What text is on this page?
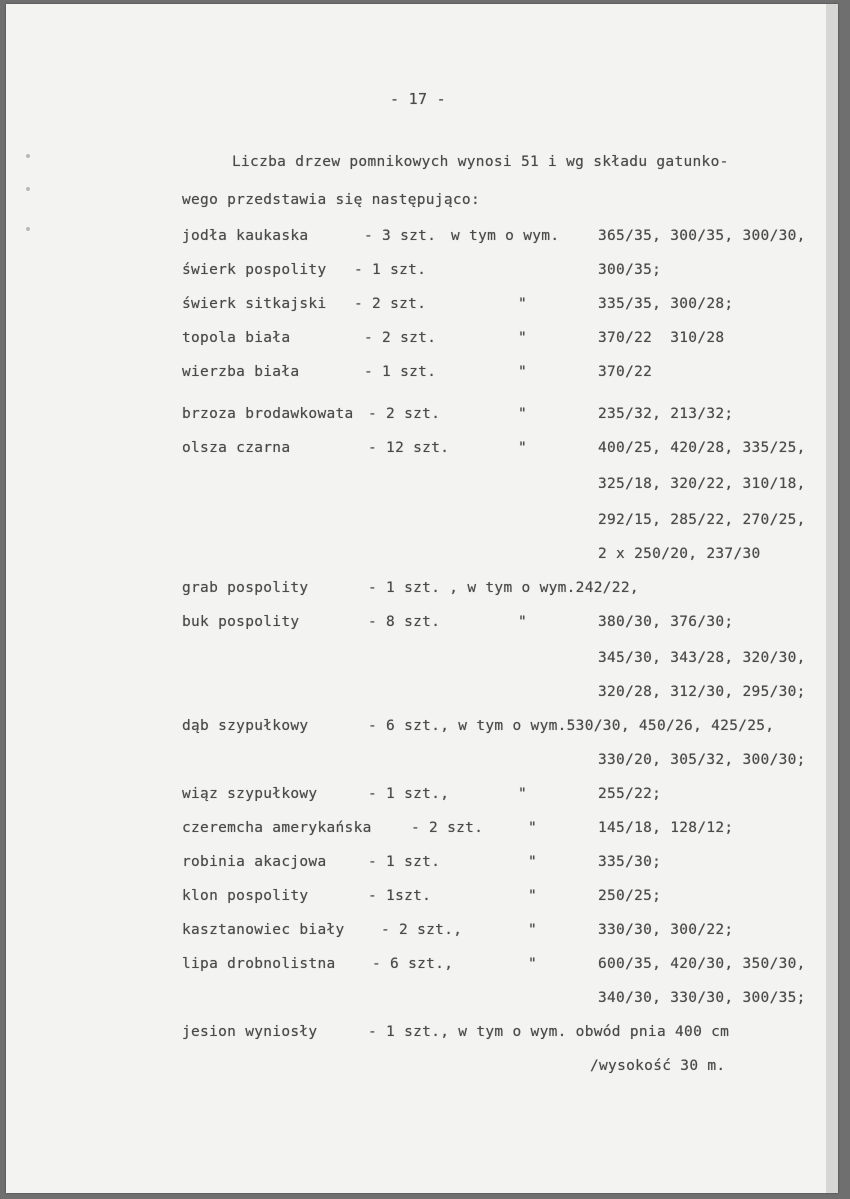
- 17 -
Liczba drzew pomnikowych wynosi 51 i wg składu gatunko-
wego przedstawia się następująco:
jodła kaukaska	- 3 szt. w tym o wym.	365/35, 300/35, 300/30,
świerk pospolity - 1 szt.	300/35;
świerk sitkajski - 2 szt.	"	335/35, 300/28;
topola biała	- 2 szt.	"	370/22  310/28
wierzba biała	- 1 szt.	"	370/22
brzoza brodawkowata - 2 szt.	"	235/32, 213/32;
olsza czarna	- 12 szt.	"	400/25, 420/28, 335/25,
325/18, 320/22, 310/18,
292/15, 285/22, 270/25,
2 x 250/20, 237/30
grab pospolity	- 1 szt. , w tym o wym.242/22,
buk pospolity	- 8 szt.	"	380/30, 376/30;
345/30, 343/28, 320/30,
320/28, 312/30, 295/30;
dąb szypułkowy	- 6 szt., w tym o wym.530/30, 450/26, 425/25,
330/20, 305/32, 300/30;
wiąz szypułkowy	- 1 szt.,	"	255/22;
czeremcha amerykańska	- 2 szt.	"	145/18, 128/12;
robinia akacjowa	- 1 szt.	"	335/30;
klon pospolity	- 1szt.	"	250/25;
kasztanowiec biały	- 2 szt.,	"	330/30, 300/22;
lipa drobnolistna	- 6 szt.,	"	600/35, 420/30, 350/30,
340/30, 330/30, 300/35;
jesion wyniosły	- 1 szt., w tym o wym. obwód pnia 400 cm
/wysokość 30 m.
